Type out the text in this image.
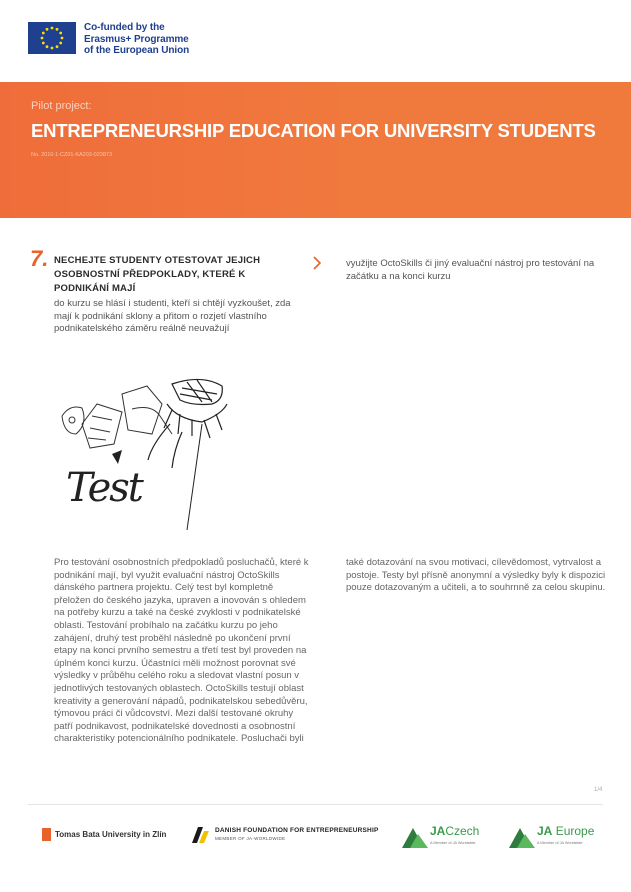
Co-funded by the
Erasmus+ Programme
of the European Union
Pilot project:
ENTREPRENEURSHIP EDUCATION FOR UNIVERSITY STUDENTS
No. 2016-1-CZ01-KA203-023873
7. NECHEJTE STUDENTY OTESTOVAT JEJICH
OSOBNOSTNÍ PŘEDPOKLADY, KTERÉ K
PODNIKÁNÍ MAJÍ
do kurzu se hlásí i studenti, kteří si chtějí vyzkoušet, zda
mají k podnikání sklony a přitom o rozjetí vlastního
podnikatelského záměru reálně neuvažují
využijte OctoSkills či jiný evaluační nástroj pro testování na
začátku a na konci kurzu
Test
Pro testování osobnostních předpokladů posluchačů, které k
podnikání mají, byl využit evaluační nástroj OctoSkills
dánského partnera projektu. Celý test byl kompletně
přeložen do českého jazyka, upraven a inovován s ohledem
na potřeby kurzu a také na české zvyklosti v podnikatelské
oblasti. Testování probíhalo na začátku kurzu po jeho
zahájení, druhý test proběhl následně po ukončení první
etapy na konci prvního semestru a třetí test byl proveden na
úplném konci kurzu. Účastníci měli možnost porovnat své
výsledky v průběhu celého roku a sledovat vlastní posun v
jednotlivých testovaných oblastech. OctoSkills testují oblast
kreativity a generování nápadů, podnikatelskou sebedůvěru,
týmovou práci či vůdcovství. Mezi další testované okruhy
patří podnikavost, podnikatelské dovednosti a osobnostní
charakteristiky potencionálního podnikatele. Posluchači byli
také dotazování na svou motivaci, cílevědomost, vytrvalost a
postoje. Testy byl přísně anonymní a výsledky byly k dispozici
pouze dotazovaným a učiteli, a to souhrnně za celou skupinu.
1/4
Tomas Bata University in Zlín	DANISH FOUNDATION FOR ENTREPRENEURSHIP
MEMBER OF JA-WORLDWIDE
JACzech
A Member of JA Worldwide
JA Europe
A Member of JA Worldwide
